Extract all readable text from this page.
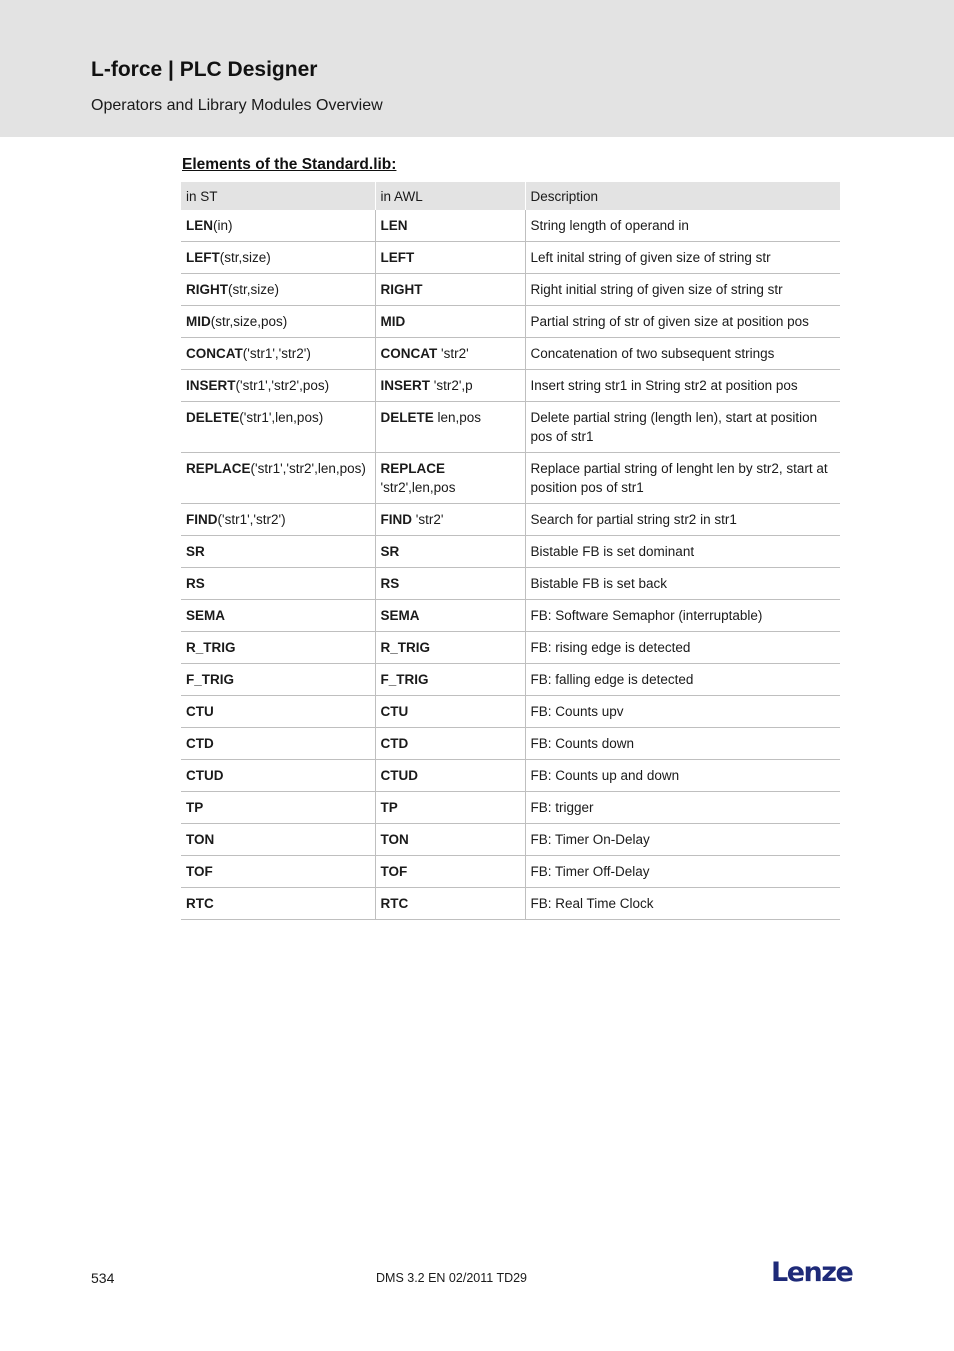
L-force | PLC Designer
Operators and Library Modules Overview
Elements of the Standard.lib:
in ST	in AWL	Description
LEN(in)	LEN	String length of operand in
LEFT(str,size)	LEFT	Left inital string of given size of string str
RIGHT(str,size)	RIGHT	Right initial string of given size of string str
MID(str,size,pos)	MID	Partial string of str of given size at position pos
CONCAT('str1','str2')	CONCAT 'str2'	Concatenation of two subsequent strings
INSERT('str1','str2',pos)	INSERT 'str2',p	Insert string str1 in String str2 at position pos
DELETE('str1',len,pos)	DELETE len,pos	Delete partial string (length len), start at position pos of str1
REPLACE('str1','str2',len,pos)	REPLACE 'str2',len,pos	Replace partial string of lenght len by str2, start at position pos of str1
FIND('str1','str2')	FIND 'str2'	Search for partial string str2 in str1
SR	SR	Bistable FB is set dominant
RS	RS	Bistable FB is set back
SEMA	SEMA	FB: Software Semaphor (interruptable)
R_TRIG	R_TRIG	FB: rising edge is detected
F_TRIG	F_TRIG	FB: falling edge is detected
CTU	CTU	FB: Counts upv
CTD	CTD	FB: Counts down
CTUD	CTUD	FB: Counts up and down
TP	TP	FB: trigger
TON	TON	FB: Timer On-Delay
TOF	TOF	FB: Timer Off-Delay
RTC	RTC	FB: Real Time Clock
534	DMS 3.2 EN 02/2011 TD29	Lenze
